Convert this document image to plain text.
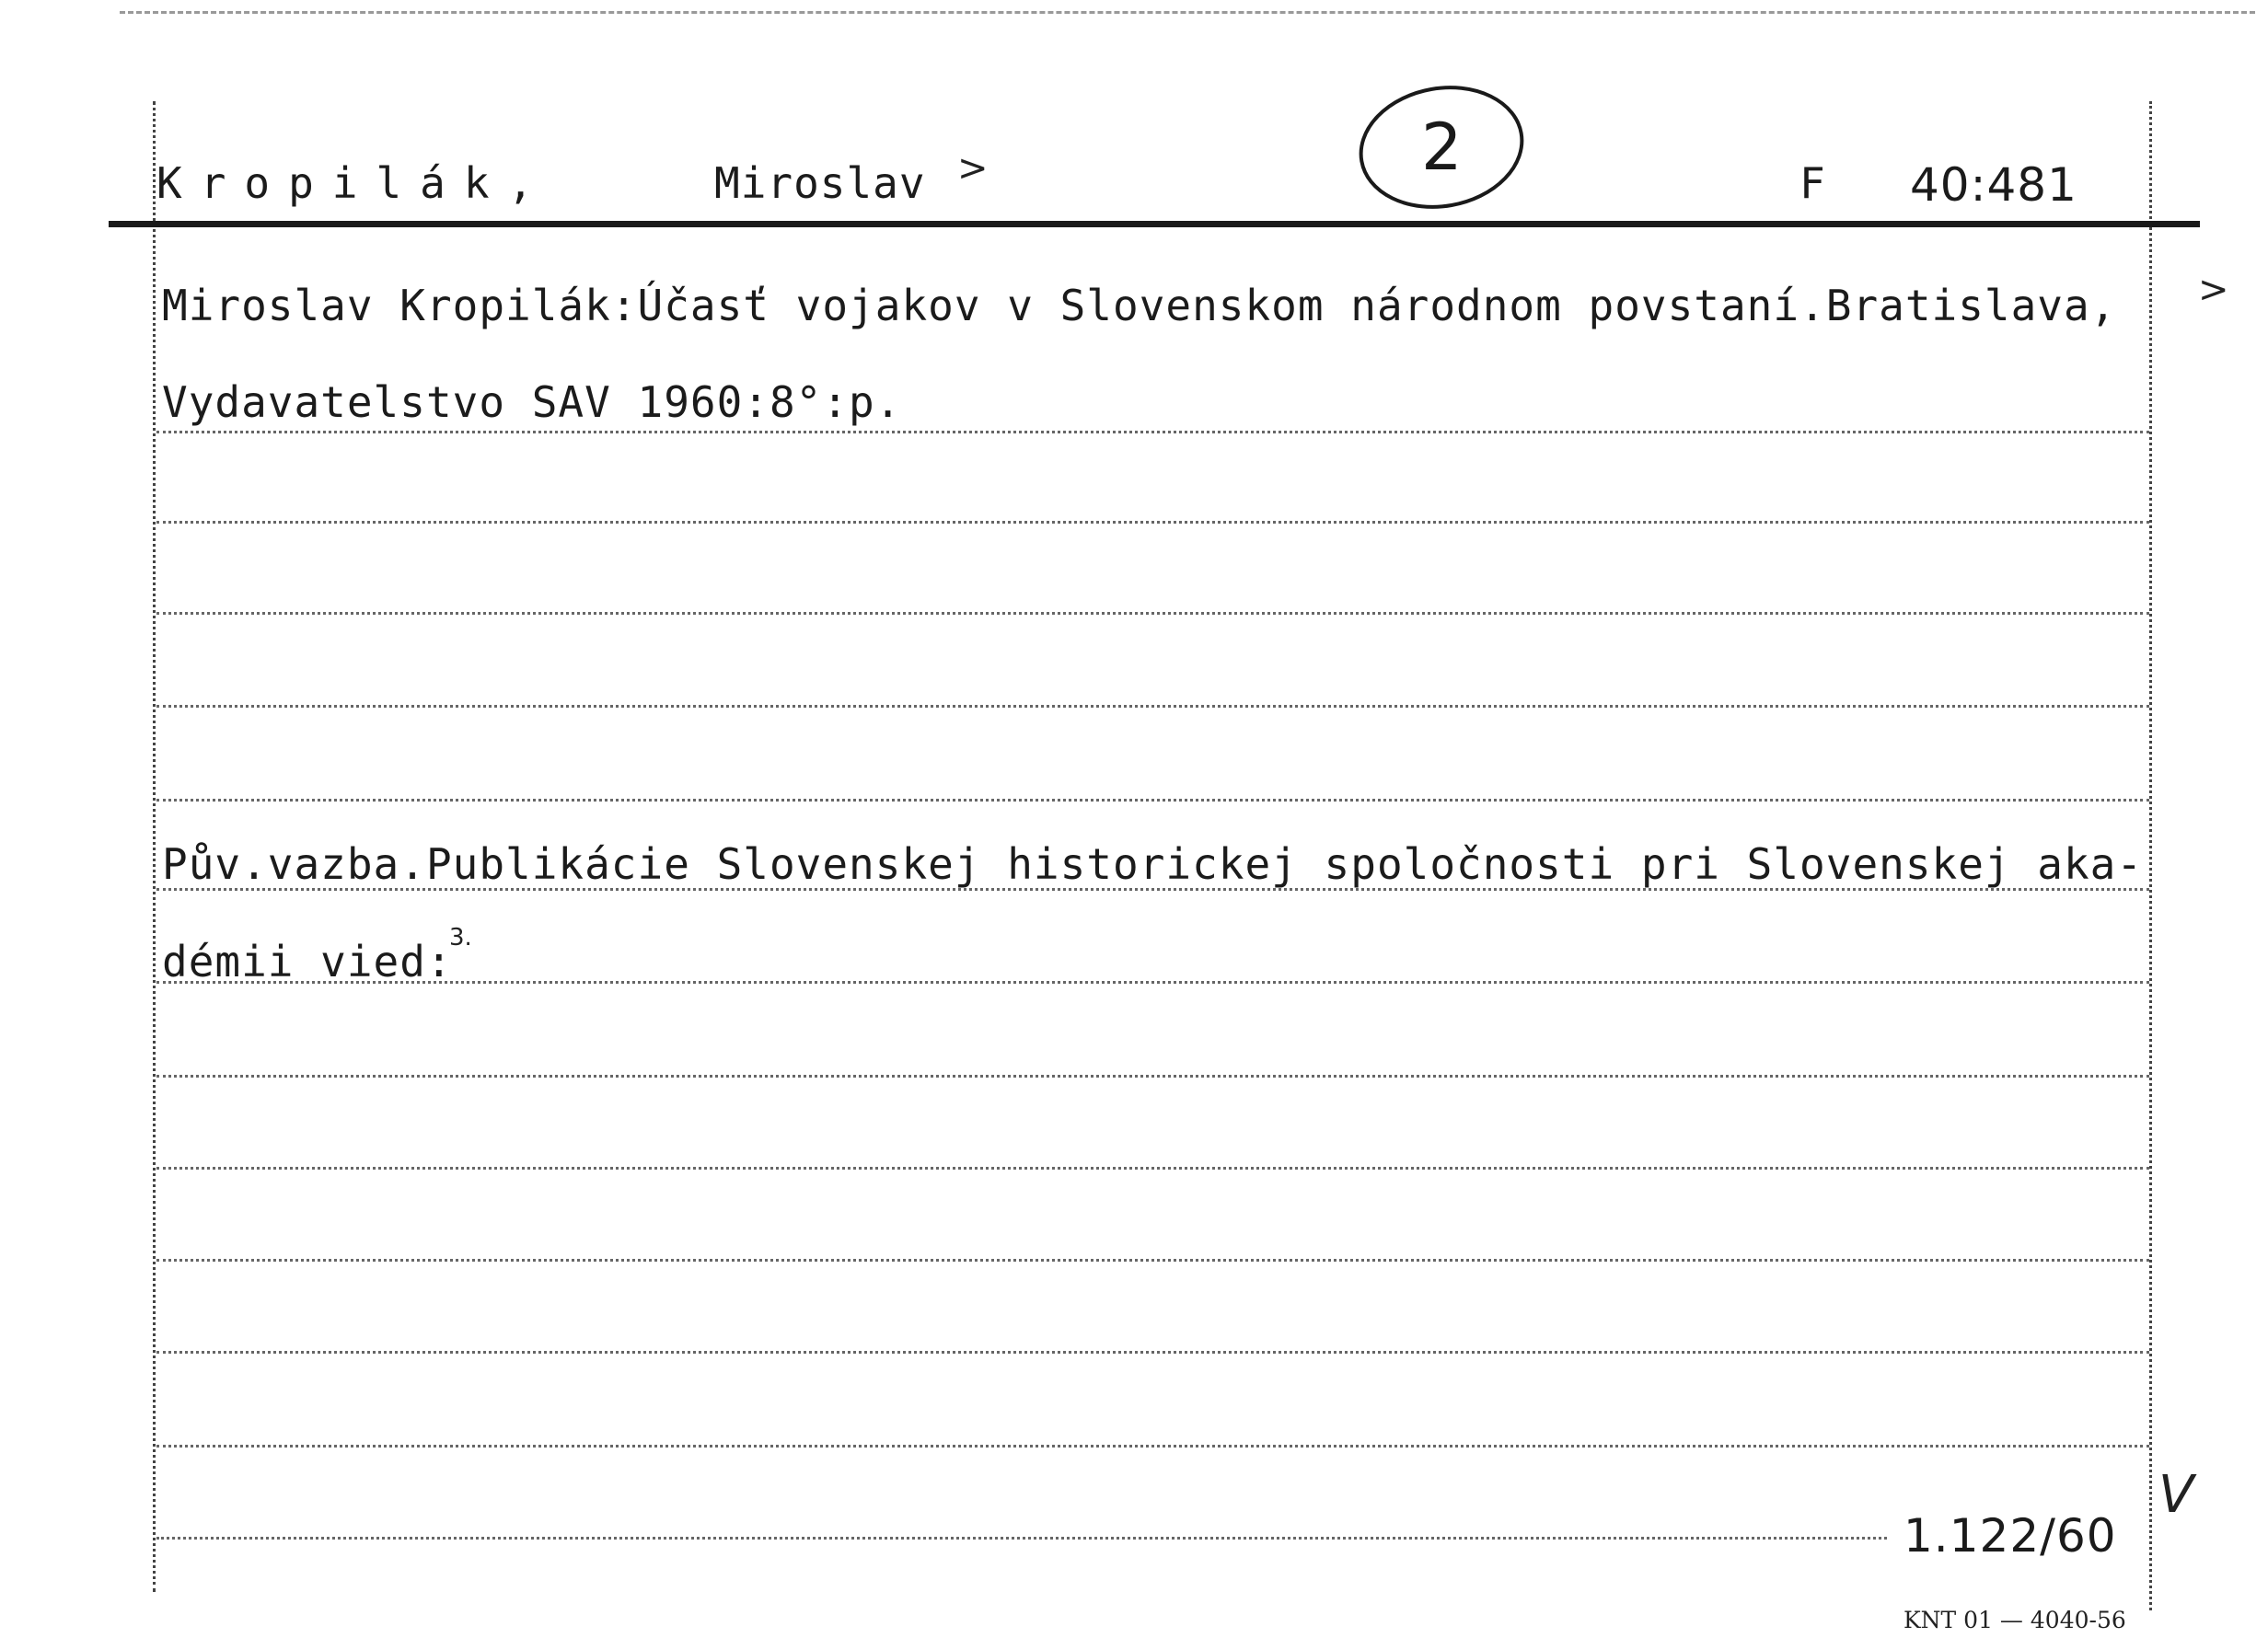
Kropilák,	Miroslav >	2	F 40:481
Miroslav Kropilák:Účasť vojakov v Slovenskom národnom povstaní.Bratislava, >
Vydavatelstvo SAV 1960:8°:p.
Pův.vazba.Publikácie Slovenskej historickej spoločnosti pri Slovenskej aka-
démii vied:
3.
1.122/60
V
KNT 01 — 4040-56
